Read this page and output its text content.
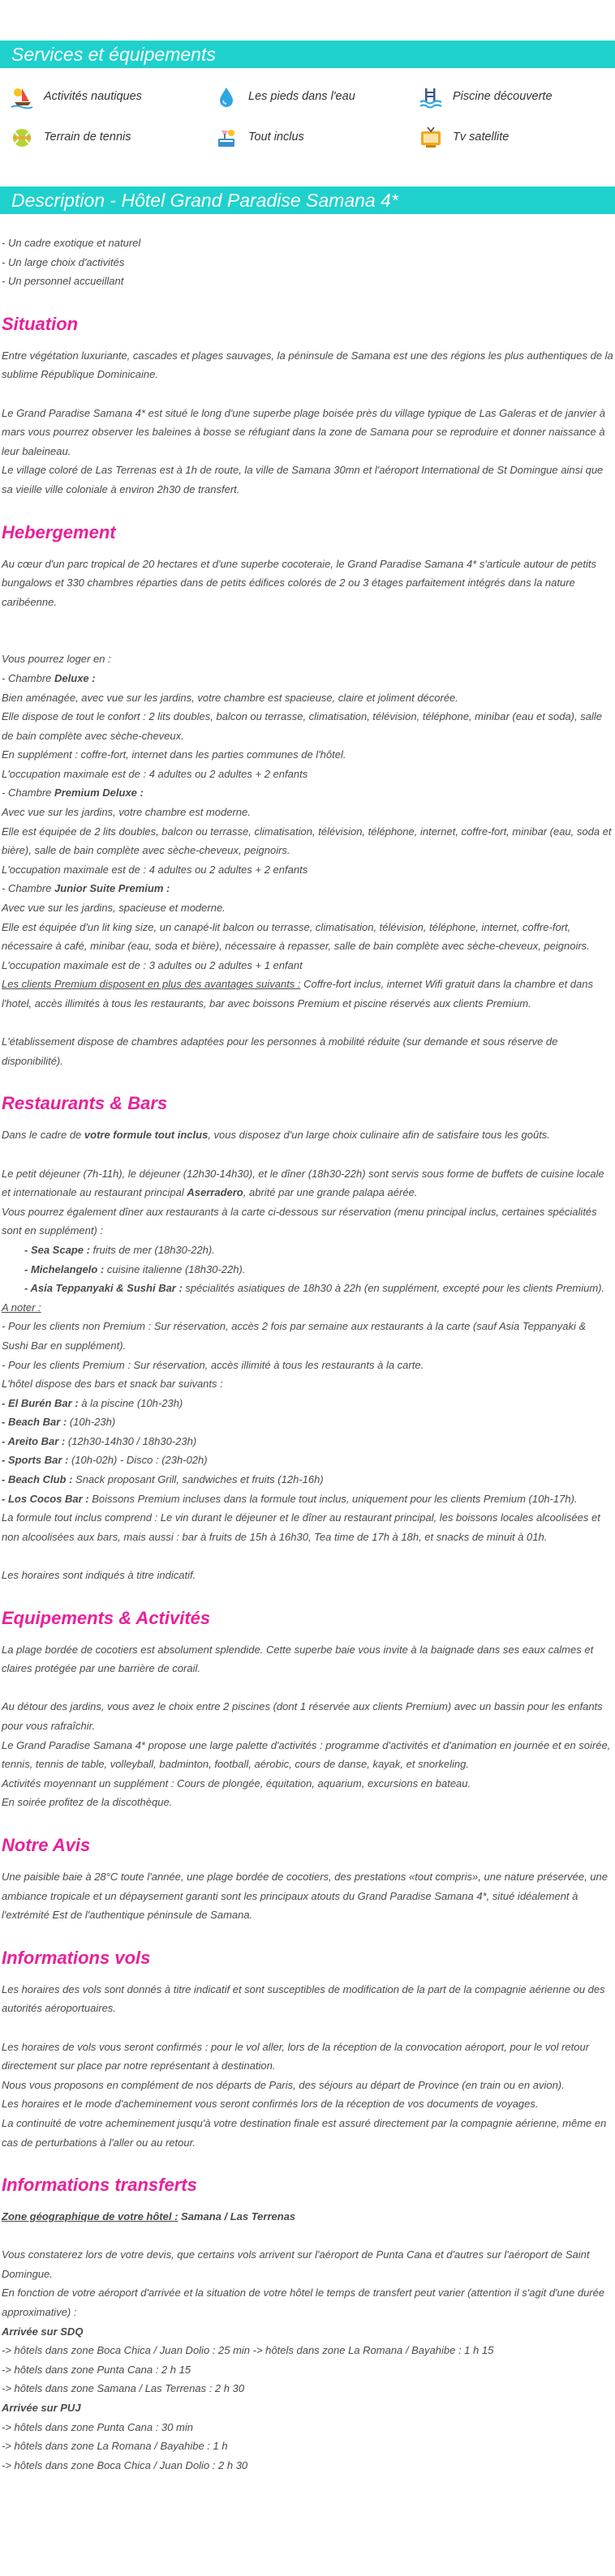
Services et équipements
Activités nautiques	Les pieds dans l'eau	Piscine découverte
Terrain de tennis	Tout inclus	Tv satellite
Description - Hôtel Grand Paradise Samana 4*

- Un cadre exotique et naturel

- Un large choix d'activités

- Un personnel accueillant

Situation

Entre végétation luxuriante, cascades et plages sauvages, la péninsule de Samana est une des régions les plus authentiques de la sublime République Dominicaine.

Le Grand Paradise Samana 4* est situé le long d'une superbe plage boisée près du village typique de Las Galeras et de janvier à mars vous pourrez observer les baleines à bosse se réfugiant dans la zone de Samana pour se reproduire et donner naissance à leur baleineau.

Le village coloré de Las Terrenas est à 1h de route, la ville de Samana 30mn et l'aéroport International de St Domingue ainsi que sa vieille ville coloniale à environ 2h30 de transfert.

Hebergement

Au cœur d'un parc tropical de 20 hectares et d'une superbe cocoteraie, le Grand Paradise Samana 4* s'articule autour de petits bungalows et 330 chambres réparties dans de petits édifices colorés de 2 ou 3 étages parfaitement intégrés dans la nature caribéenne.

Vous pourrez loger en :

- Chambre Deluxe :

Bien aménagée, avec vue sur les jardins, votre chambre est spacieuse, claire et joliment décorée.

Elle dispose de tout le confort : 2 lits doubles, balcon ou terrasse, climatisation, télévision, téléphone, minibar (eau et soda), salle de bain complète avec sèche-cheveux.

En supplément : coffre-fort, internet dans les parties communes de l'hôtel.

L'occupation maximale est de : 4 adultes ou 2 adultes + 2 enfants

- Chambre Premium Deluxe :

Avec vue sur les jardins, votre chambre est moderne.

Elle est équipée de 2 lits doubles, balcon ou terrasse, climatisation, télévision, téléphone, internet, coffre-fort, minibar (eau, soda et bière), salle de bain complète avec sèche-cheveux, peignoirs.

L'occupation maximale est de : 4 adultes ou 2 adultes + 2 enfants

- Chambre Junior Suite Premium :

Avec vue sur les jardins, spacieuse et moderne.

Elle est équipée d'un lit king size, un canapé-lit balcon ou terrasse, climatisation, télévision, téléphone, internet, coffre-fort, nécessaire à café, minibar (eau, soda et bière), nécessaire à repasser, salle de bain complète avec sèche-cheveux, peignoirs.

L'occupation maximale est de : 3 adultes ou 2 adultes + 1 enfant

Les clients Premium disposent en plus des avantages suivants : Coffre-fort inclus, internet Wifi gratuit dans la chambre et dans l'hotel, accès illimités à tous les restaurants, bar avec boissons Premium et piscine réservés aux clients Premium.

L'établissement dispose de chambres adaptées pour les personnes à mobilité réduite (sur demande et sous réserve de disponibilité).

Restaurants & Bars

Dans le cadre de votre formule tout inclus, vous disposez d'un large choix culinaire afin de satisfaire tous les goûts.

Le petit déjeuner (7h-11h), le déjeuner (12h30-14h30), et le dîner (18h30-22h) sont servis sous forme de buffets de cuisine locale et internationale au restaurant principal Aserradero, abrité par une grande palapa aérée.

Vous pourrez également dîner aux restaurants à la carte ci-dessous sur réservation (menu principal inclus, certaines spécialités sont en supplément) :

- Sea Scape : fruits de mer (18h30-22h).

- Michelangelo : cuisine italienne (18h30-22h).

- Asia Teppanyaki & Sushi Bar : spécialités asiatiques de 18h30 à 22h (en supplément, excepté pour les clients Premium).

A noter :

- Pour les clients non Premium : Sur réservation, accès 2 fois par semaine aux restaurants à la carte (sauf Asia Teppanyaki & Sushi Bar en supplément).

- Pour les clients Premium : Sur réservation, accès illimité à tous les restaurants à la carte.

L'hôtel dispose des bars et snack bar suivants :

- El Burén Bar : à la piscine (10h-23h)

- Beach Bar : (10h-23h)

- Areito Bar : (12h30-14h30 / 18h30-23h)

- Sports Bar : (10h-02h) - Disco : (23h-02h)

- Beach Club : Snack proposant Grill, sandwiches et fruits (12h-16h)

- Los Cocos Bar : Boissons Premium incluses dans la formule tout inclus, uniquement pour les clients Premium (10h-17h).

La formule tout inclus comprend : Le vin durant le déjeuner et le dîner au restaurant principal, les boissons locales alcoolisées et non alcoolisées aux bars, mais aussi : bar à fruits de 15h à 16h30, Tea time de 17h à 18h, et snacks de minuit à 01h.

Les horaires sont indiqués à titre indicatif.

Equipements & Activités

La plage bordée de cocotiers est absolument splendide. Cette superbe baie vous invite à la baignade dans ses eaux calmes et claires protégée par une barrière de corail.

Au détour des jardins, vous avez le choix entre 2 piscines (dont 1 réservée aux clients Premium) avec un bassin pour les enfants pour vous rafraîchir.

Le Grand Paradise Samana 4* propose une large palette d'activités : programme d'activités et d'animation en journée et en soirée, tennis, tennis de table, volleyball, badminton, football, aérobic, cours de danse, kayak, et snorkeling.

Activités moyennant un supplément : Cours de plongée, équitation, aquarium, excursions en bateau.

En soirée profitez de la discothèque.

Notre Avis

Une paisible baie à 28°C toute l'année, une plage bordée de cocotiers, des prestations «tout compris», une nature préservée, une ambiance tropicale et un dépaysement garanti sont les principaux atouts du Grand Paradise Samana 4*, situé idéalement à l'extrémité Est de l'authentique péninsule de Samana.

Informations vols

Les horaires des vols sont donnés à titre indicatif et sont susceptibles de modification de la part de la compagnie aérienne ou des autorités aéroportuaires.

Les horaires de vols vous seront confirmés : pour le vol aller, lors de la réception de la convocation aéroport, pour le vol retour directement sur place par notre représentant à destination.

Nous vous proposons en complément de nos départs de Paris, des séjours au départ de Province (en train ou en avion).

Les horaires et le mode d'acheminement vous seront confirmés lors de la réception de vos documents de voyages.

La continuité de votre acheminement jusqu'à votre destination finale est assuré directement par la compagnie aérienne, même en cas de perturbations à l'aller ou au retour.

Informations transferts

Zone géographique de votre hôtel : Samana / Las Terrenas

Vous constaterez lors de votre devis, que certains vols arrivent sur l'aéroport de Punta Cana et d'autres sur l'aéroport de Saint Domingue.

En fonction de votre aéroport d'arrivée et la situation de votre hôtel le temps de transfert peut varier (attention il s'agit d'une durée approximative) :

Arrivée sur SDQ

-> hôtels dans zone Boca Chica / Juan Dolio : 25 min -> hôtels dans zone La Romana / Bayahibe : 1 h 15

-> hôtels dans zone Punta Cana : 2 h 15

-> hôtels dans zone Samana / Las Terrenas : 2 h 30

Arrivée sur PUJ

-> hôtels dans zone Punta Cana : 30 min

-> hôtels dans zone La Romana / Bayahibe : 1 h

-> hôtels dans zone Boca Chica / Juan Dolio : 2 h 30
